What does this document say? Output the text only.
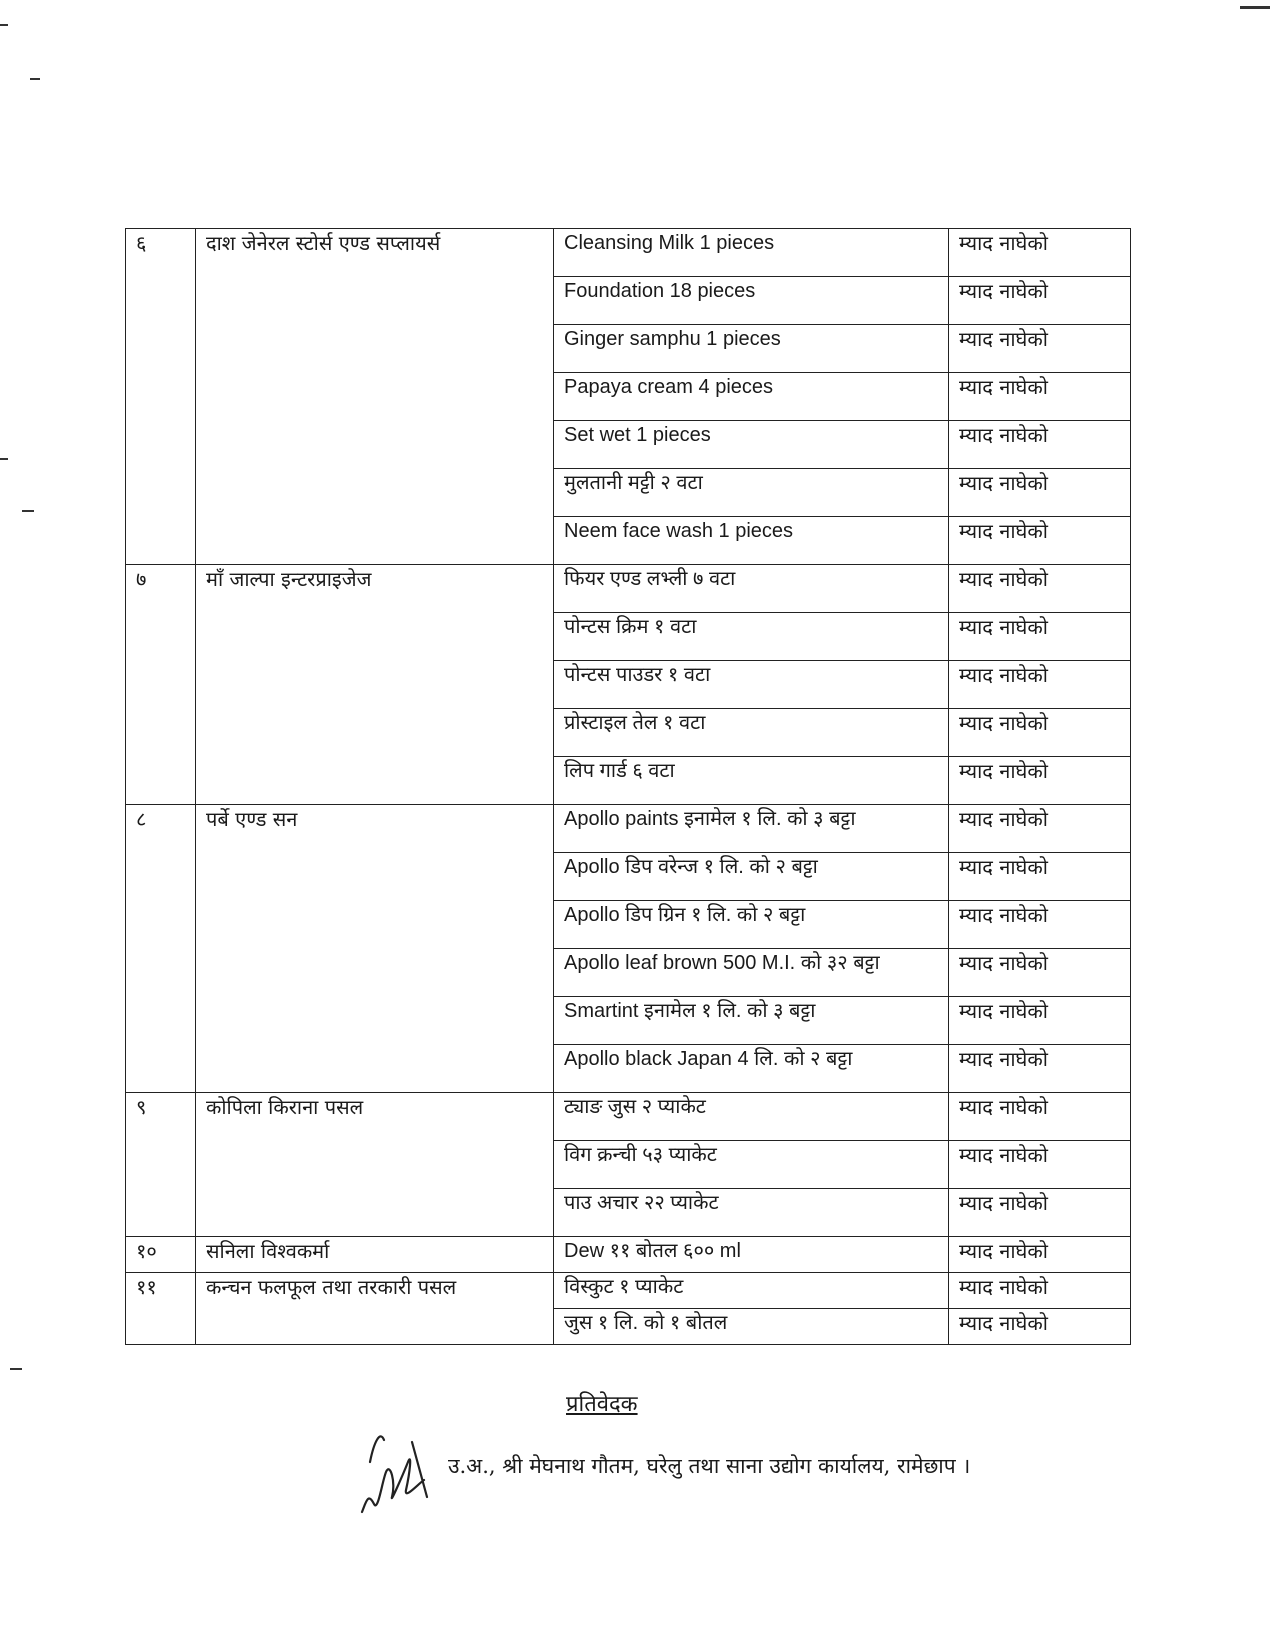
६	दाश जेनेरल स्टोर्स एण्ड सप्लायर्स	Cleansing Milk 1 pieces	म्याद नाघेको
		Foundation 18 pieces	म्याद नाघेको
		Ginger samphu 1 pieces	म्याद नाघेको
		Papaya cream 4 pieces	म्याद नाघेको
		Set wet 1 pieces	म्याद नाघेको
		मुलतानी मट्टी २ वटा	म्याद नाघेको
		Neem face wash 1 pieces	म्याद नाघेको
७	माँ जाल्पा इन्टरप्राइजेज	फियर एण्ड लभ्ली ७ वटा	म्याद नाघेको
		पोन्टस क्रिम १ वटा	म्याद नाघेको
		पोन्टस पाउडर १ वटा	म्याद नाघेको
		प्रोस्टाइल तेल १ वटा	म्याद नाघेको
		लिप गार्ड ६ वटा	म्याद नाघेको
८	पर्बे एण्ड सन	Apollo paints इनामेल १ लि. को ३ बट्टा	म्याद नाघेको
		Apollo डिप वरेन्ज १ लि. को २ बट्टा	म्याद नाघेको
		Apollo डिप ग्रिन १ लि. को २ बट्टा	म्याद नाघेको
		Apollo leaf brown 500 M.I. को ३२ बट्टा	म्याद नाघेको
		Smartint इनामेल १ लि. को ३ बट्टा	म्याद नाघेको
		Apollo black Japan 4 लि. को २ बट्टा	म्याद नाघेको
९	कोपिला किराना पसल	ट्याङ जुस २ प्याकेट	म्याद नाघेको
		विग क्रन्ची ५३ प्याकेट	म्याद नाघेको
		पाउ अचार २२ प्याकेट	म्याद नाघेको
१०	सनिला विश्वकर्मा	Dew ११ बोतल ६०० ml	म्याद नाघेको
११	कन्चन फलफूल तथा तरकारी पसल	विस्कुट १ प्याकेट	म्याद नाघेको
		जुस १ लि. को १ बोतल	म्याद नाघेको
प्रतिवेदक
उ.अ., श्री मेघनाथ गौतम, घरेलु तथा साना उद्योग कार्यालय, रामेछाप ।
